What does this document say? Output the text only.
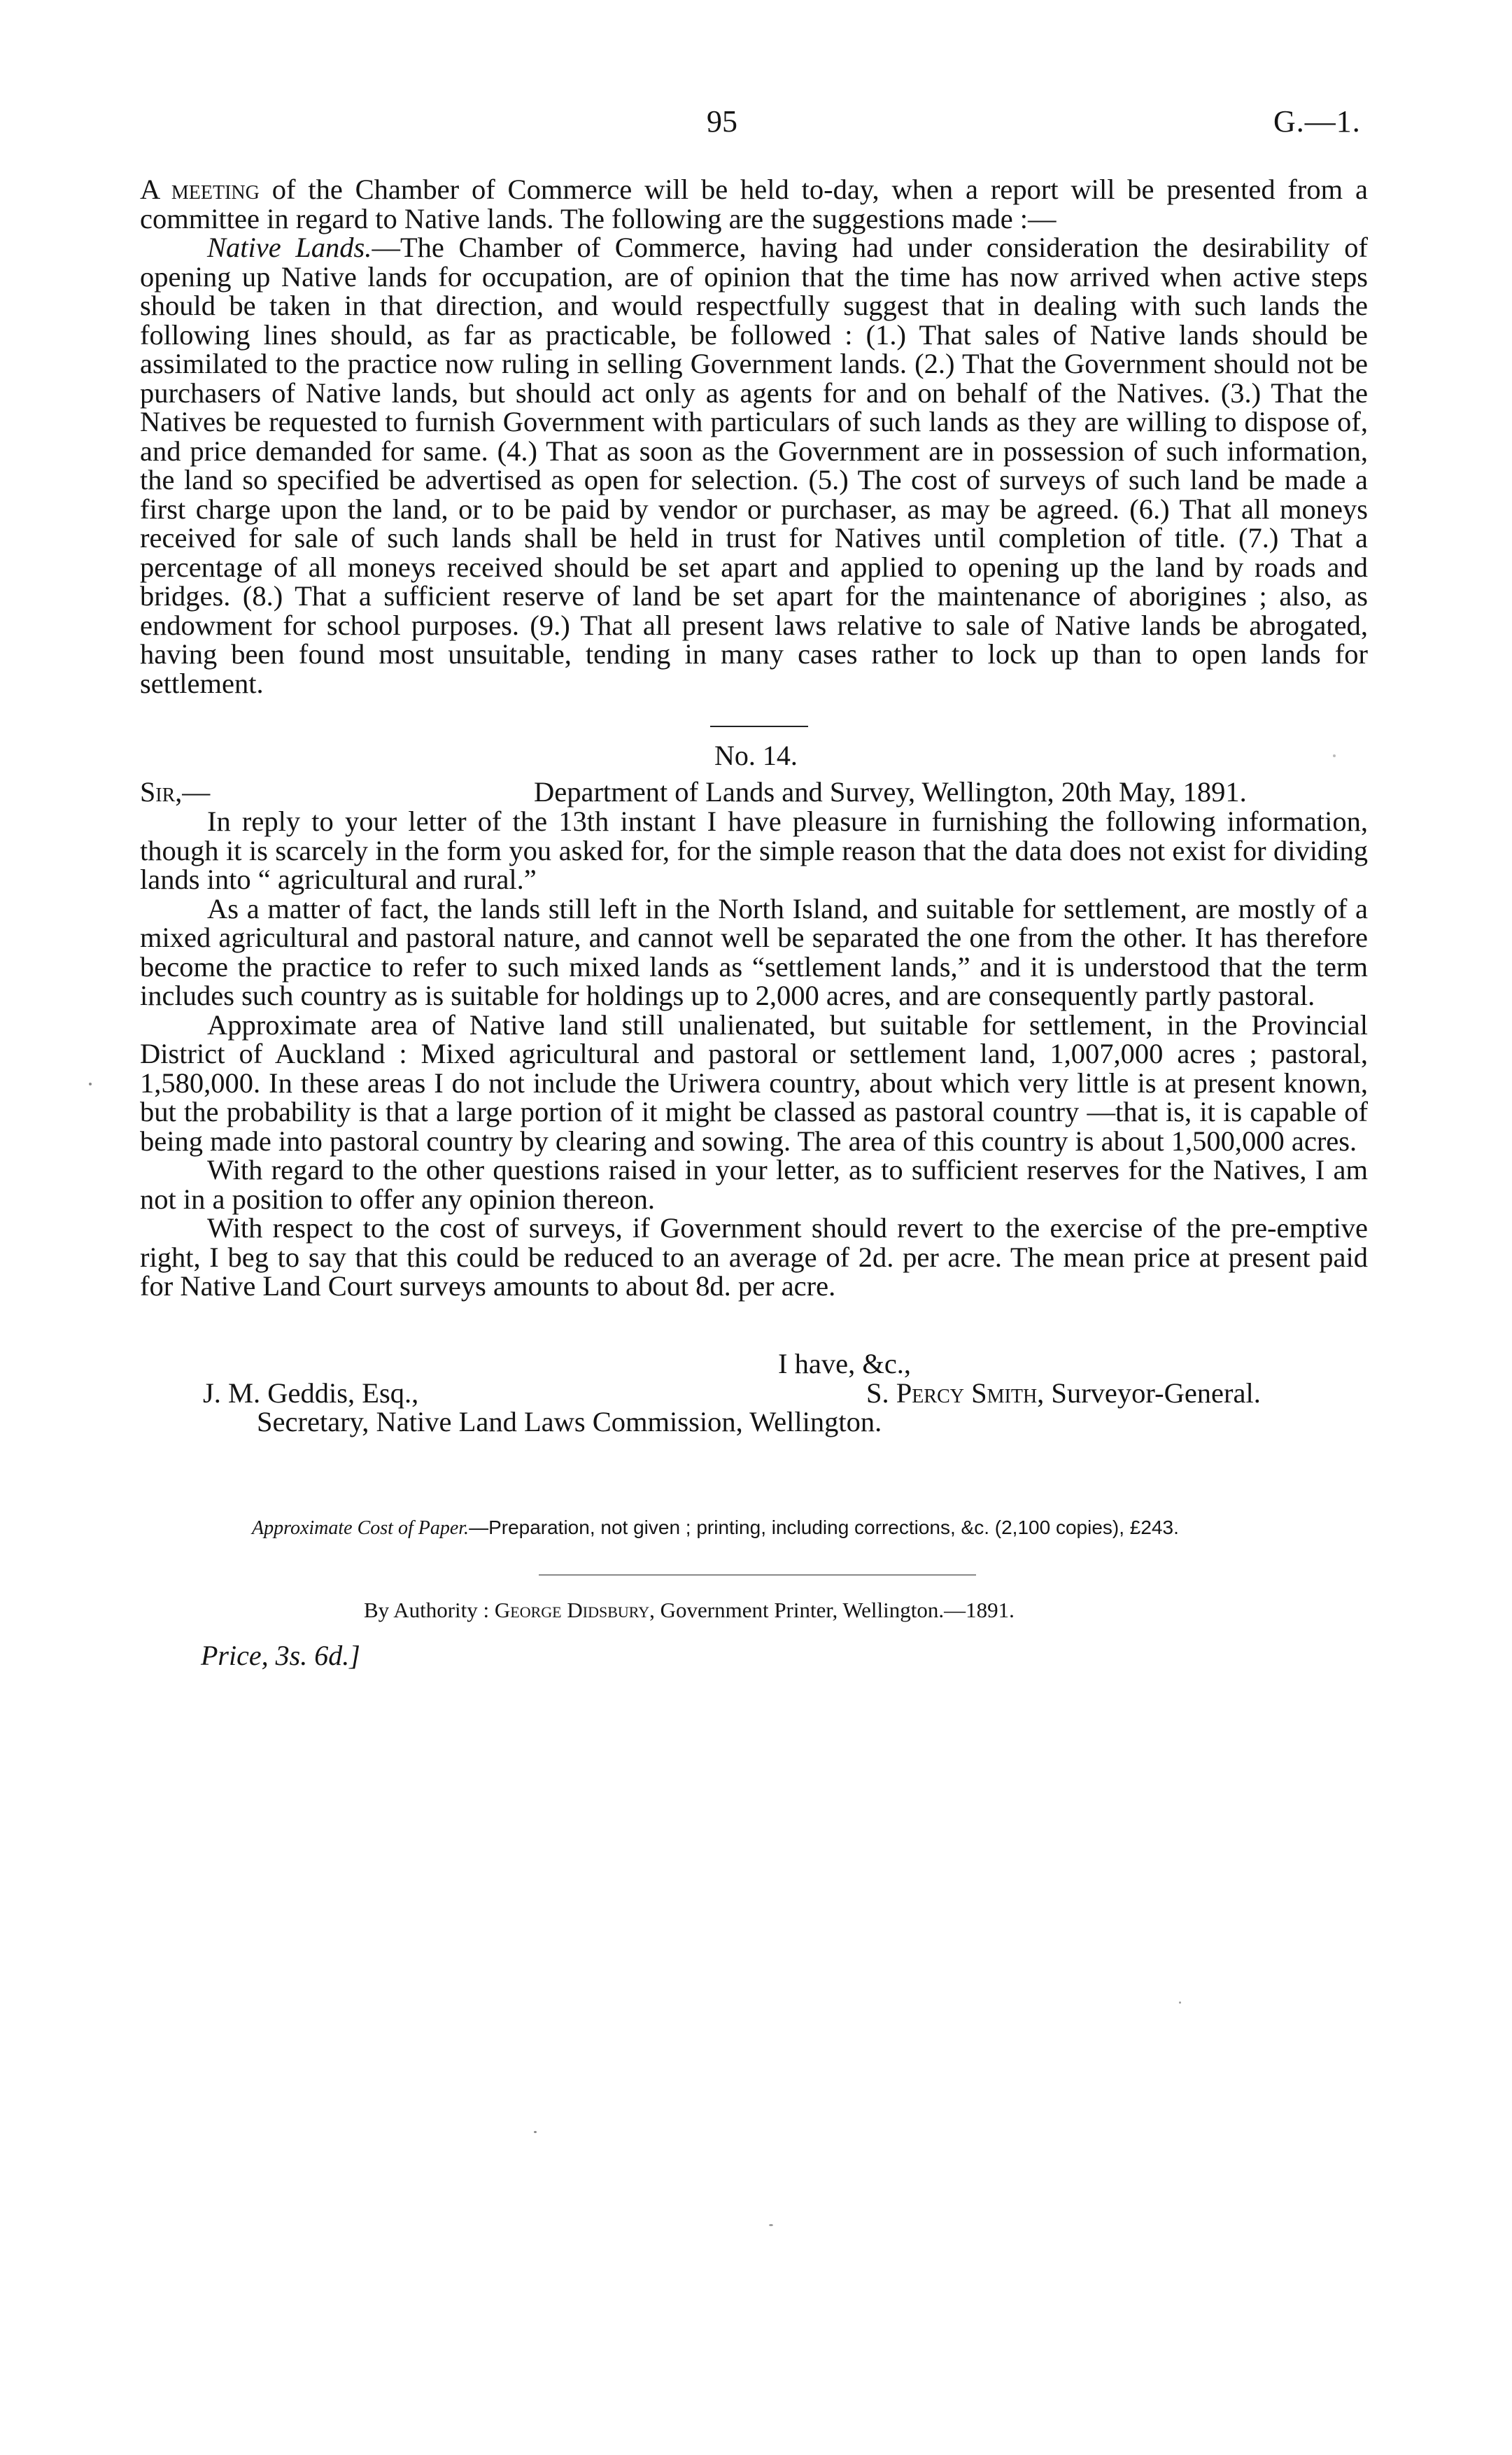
95	G.—1.

A meeting of the Chamber of Commerce will be held to-day, when a report will be presented from a committee in regard to Native lands. The following are the suggestions made :—

Native Lands.—The Chamber of Commerce, having had under consideration the desirability of opening up Native lands for occupation, are of opinion that the time has now arrived when active steps should be taken in that direction, and would respectfully suggest that in dealing with such lands the following lines should, as far as practicable, be followed : (1.) That sales of Native lands should be assimilated to the practice now ruling in selling Government lands. (2.) That the Government should not be purchasers of Native lands, but should act only as agents for and on behalf of the Natives. (3.) That the Natives be requested to furnish Government with particulars of such lands as they are willing to dispose of, and price demanded for same. (4.) That as soon as the Government are in possession of such information, the land so specified be advertised as open for selection. (5.) The cost of surveys of such land be made a first charge upon the land, or to be paid by vendor or purchaser, as may be agreed. (6.) That all moneys received for sale of such lands shall be held in trust for Natives until completion of title. (7.) That a percentage of all moneys received should be set apart and applied to opening up the land by roads and bridges. (8.) That a sufficient reserve of land be set apart for the maintenance of aborigines ; also, as endowment for school purposes. (9.) That all present laws relative to sale of Native lands be abrogated, having been found most unsuitable, tending in many cases rather to lock up than to open lands for settlement.

No. 14.
Sir,—	Department of Lands and Survey, Wellington, 20th May, 1891.

In reply to your letter of the 13th instant I have pleasure in furnishing the following information, though it is scarcely in the form you asked for, for the simple reason that the data does not exist for dividing lands into “ agricultural and rural.”

As a matter of fact, the lands still left in the North Island, and suitable for settlement, are mostly of a mixed agricultural and pastoral nature, and cannot well be separated the one from the other. It has therefore become the practice to refer to such mixed lands as “settlement lands,” and it is understood that the term includes such country as is suitable for holdings up to 2,000 acres, and are consequently partly pastoral.

Approximate area of Native land still unalienated, but suitable for settlement, in the Provincial District of Auckland : Mixed agricultural and pastoral or settlement land, 1,007,000 acres ; pastoral, 1,580,000. In these areas I do not include the Uriwera country, about which very little is at present known, but the probability is that a large portion of it might be classed as pastoral country —that is, it is capable of being made into pastoral country by clearing and sowing. The area of this country is about 1,500,000 acres.

With regard to the other questions raised in your letter, as to sufficient reserves for the Natives, I am not in a position to offer any opinion thereon.

With respect to the cost of surveys, if Government should revert to the exercise of the pre-emptive right, I beg to say that this could be reduced to an average of 2d. per acre. The mean price at present paid for Native Land Court surveys amounts to about 8d. per acre.

I have, &c.,
J. M. Geddis, Esq.,	S. Percy Smith, Surveyor-General.
Secretary, Native Land Laws Commission, Wellington.
Approximate Cost of Paper.—Preparation, not given ; printing, including corrections, &c. (2,100 copies), £243.
By Authority : George Didsbury, Government Printer, Wellington.—1891.
Price, 3s. 6d.]
